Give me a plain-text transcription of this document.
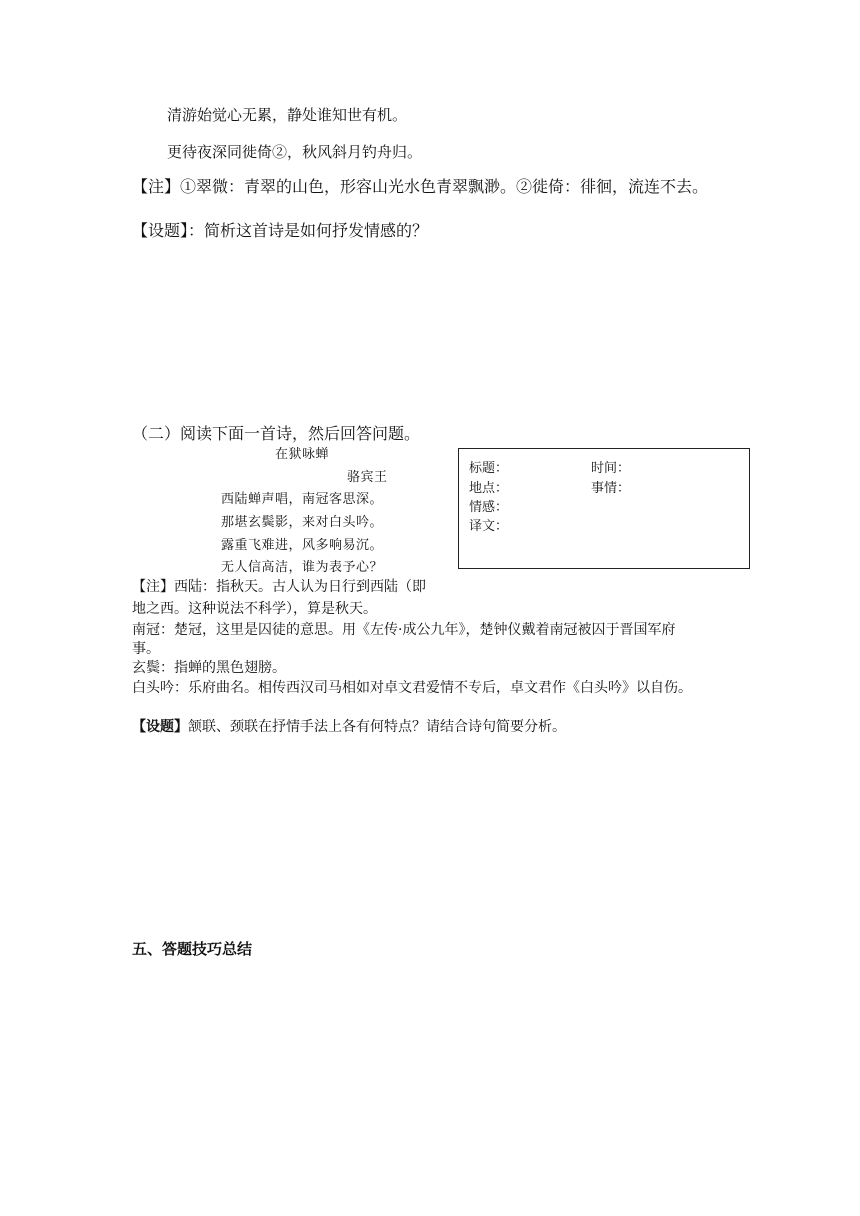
清游始觉心无累，静处谁知世有机。
更待夜深同徙倚②，秋风斜月钓舟归。
【注】①翠微：青翠的山色，形容山光水色青翠飘渺。②徙倚：徘徊，流连不去。
【设题】：简析这首诗是如何抒发情感的？
（二）阅读下面一首诗，然后回答问题。
在狱咏蝉
骆宾王
西陆蝉声唱，南冠客思深。
那堪玄鬓影，来对白头吟。
露重飞难进，风多响易沉。
无人信高洁，谁为表予心？
标题：	时间：
地点：	事情：
情感：
译文：
【注】西陆：指秋天。古人认为日行到西陆（即
地之西。这种说法不科学），算是秋天。
南冠：楚冠，这里是囚徒的意思。用《左传·成公九年》，楚钟仪戴着南冠被囚于晋国军府
事。
玄鬓：指蝉的黑色翅膀。
白头吟：乐府曲名。相传西汉司马相如对卓文君爱情不专后，卓文君作《白头吟》以自伤。
【设题】颔联、颈联在抒情手法上各有何特点？请结合诗句简要分析。
五、答题技巧总结
